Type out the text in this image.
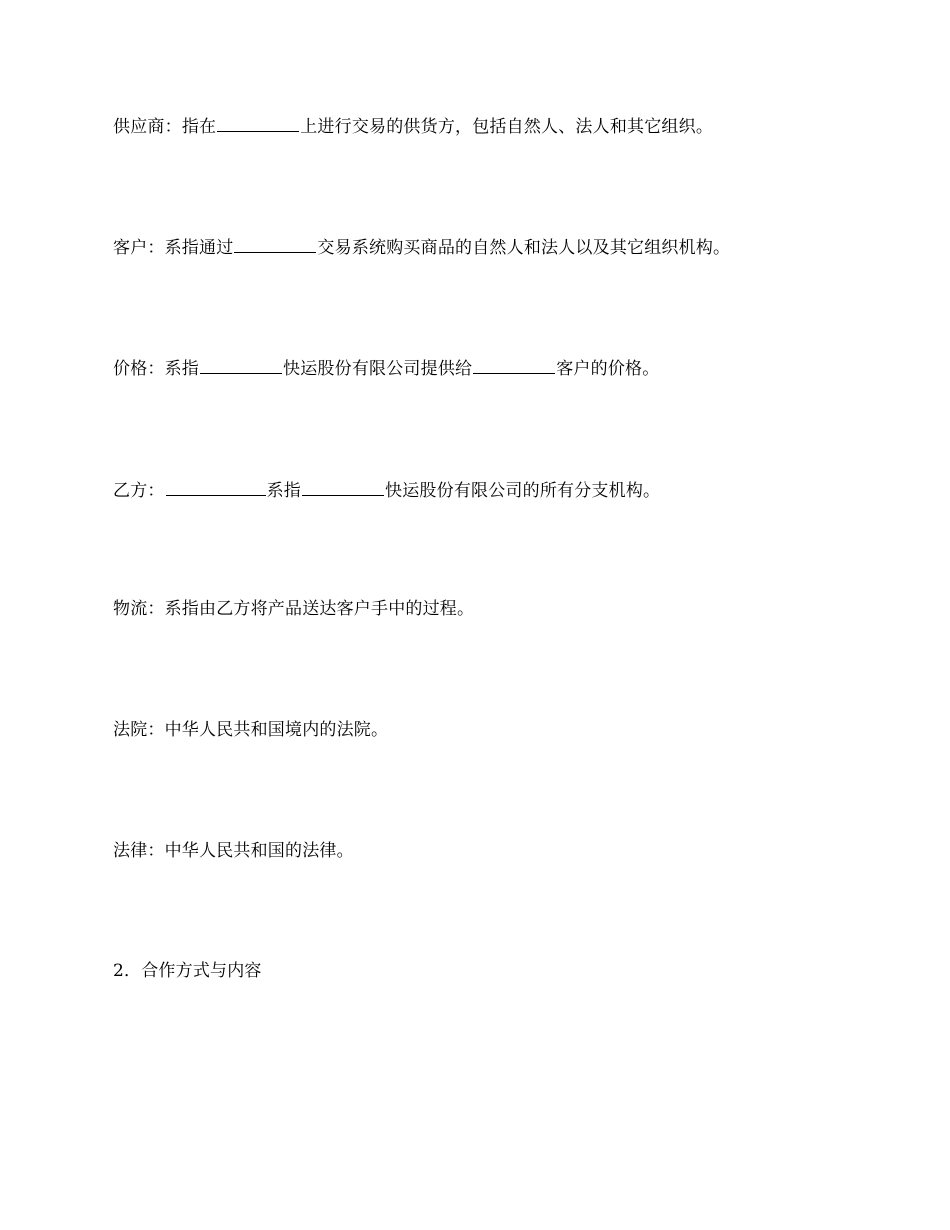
供应商：指在	上进行交易的供货方，包括自然人、法人和其它组织。

客户：系指通过	交易系统购买商品的自然人和法人以及其它组织机构。

价格：系指	快运股份有限公司提供给	客户的价格。

乙方：	系指	快运股份有限公司的所有分支机构。

物流：系指由乙方将产品送达客户手中的过程。

法院：中华人民共和国境内的法院。

法律：中华人民共和国的法律。

2．合作方式与内容
